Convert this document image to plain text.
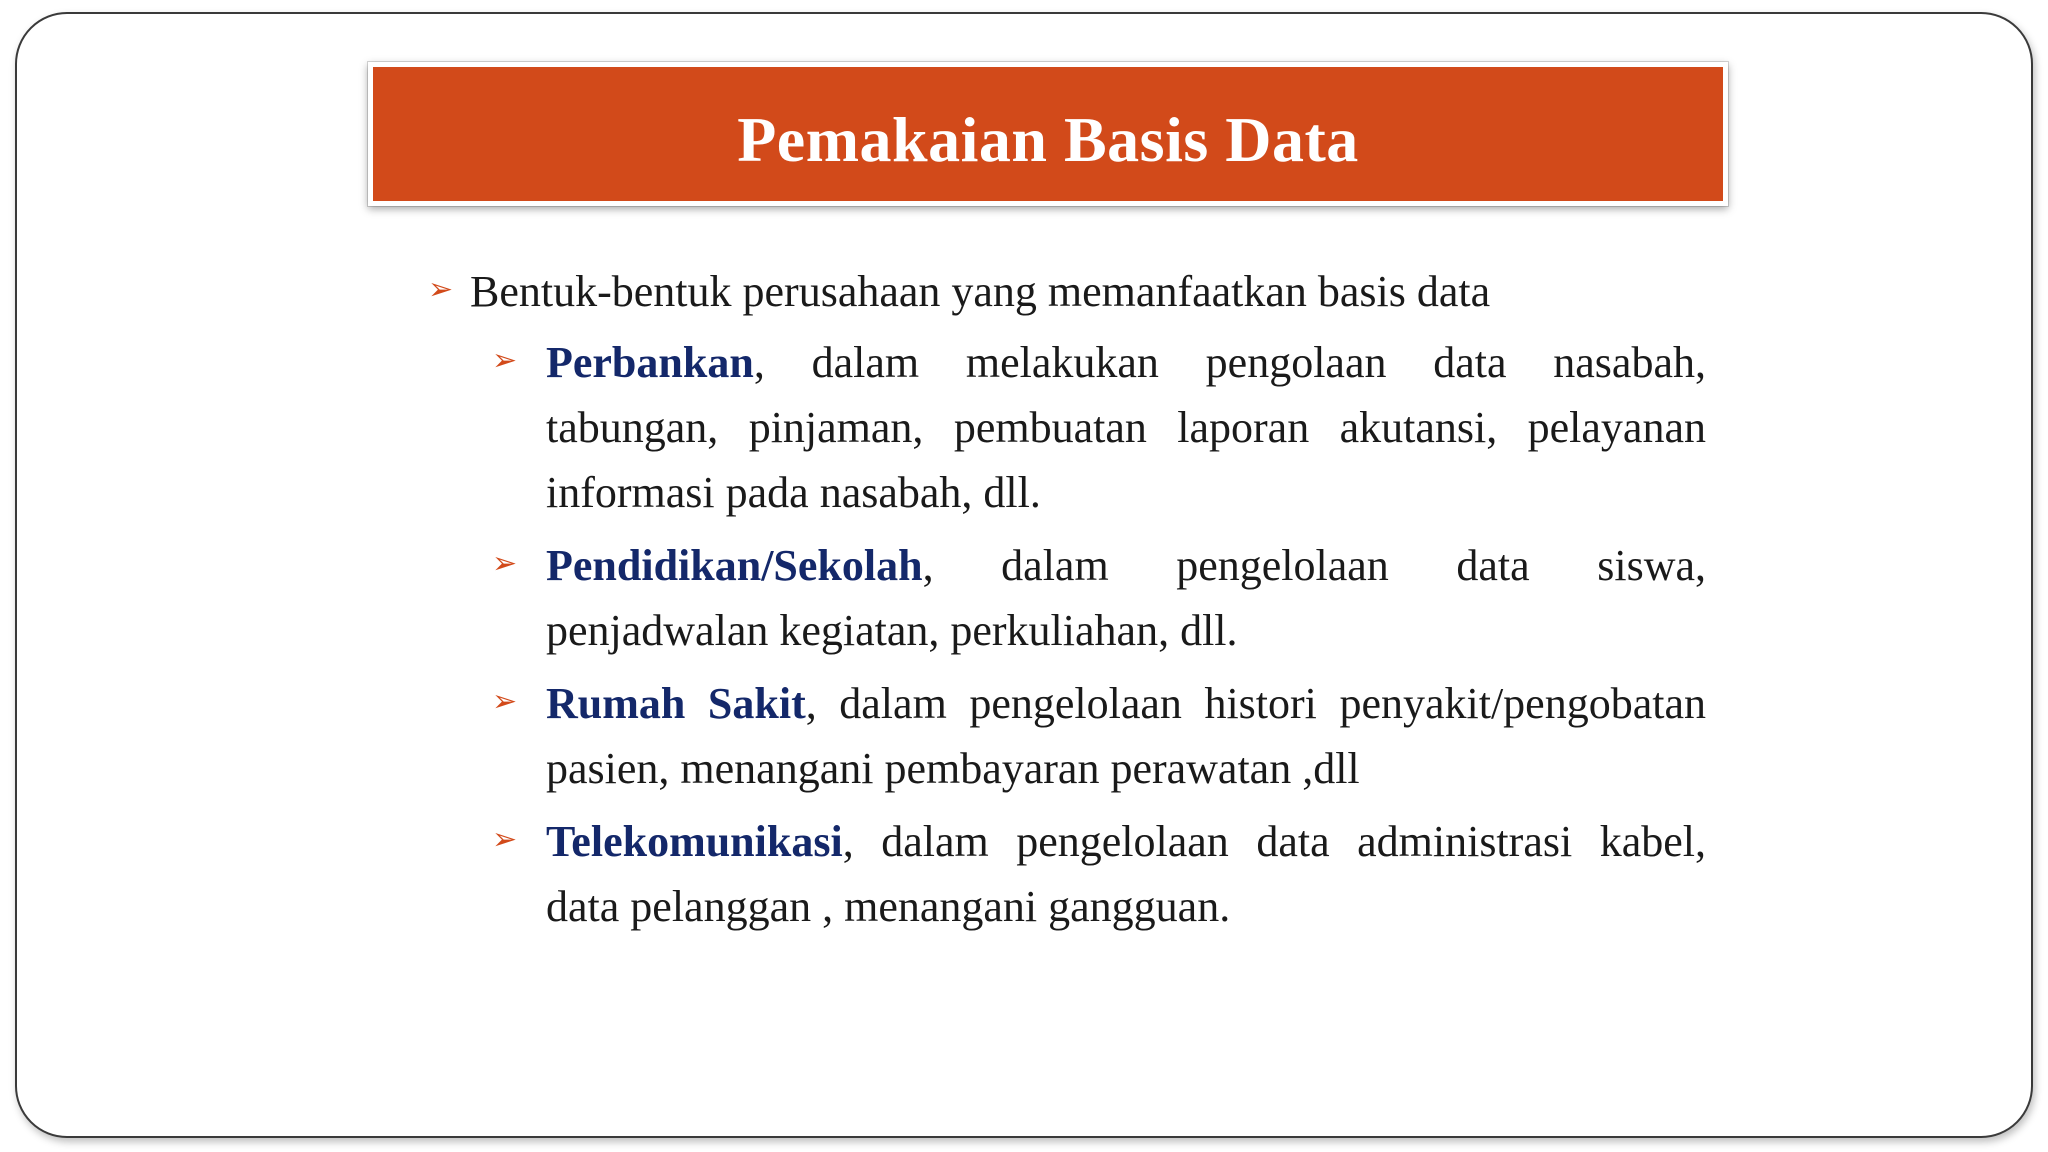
Pemakaian Basis Data
➢ Bentuk-bentuk perusahaan yang memanfaatkan basis data
➢ Perbankan, dalam melakukan pengolaan data nasabah, tabungan, pinjaman, pembuatan laporan akutansi, pelayanan informasi pada nasabah, dll.
➢ Pendidikan/Sekolah, dalam pengelolaan data siswa, penjadwalan kegiatan, perkuliahan, dll.
➢ Rumah Sakit, dalam pengelolaan histori penyakit/pengobatan pasien, menangani pembayaran perawatan ,dll
➢ Telekomunikasi, dalam pengelolaan data administrasi kabel, data pelanggan , menangani gangguan.
